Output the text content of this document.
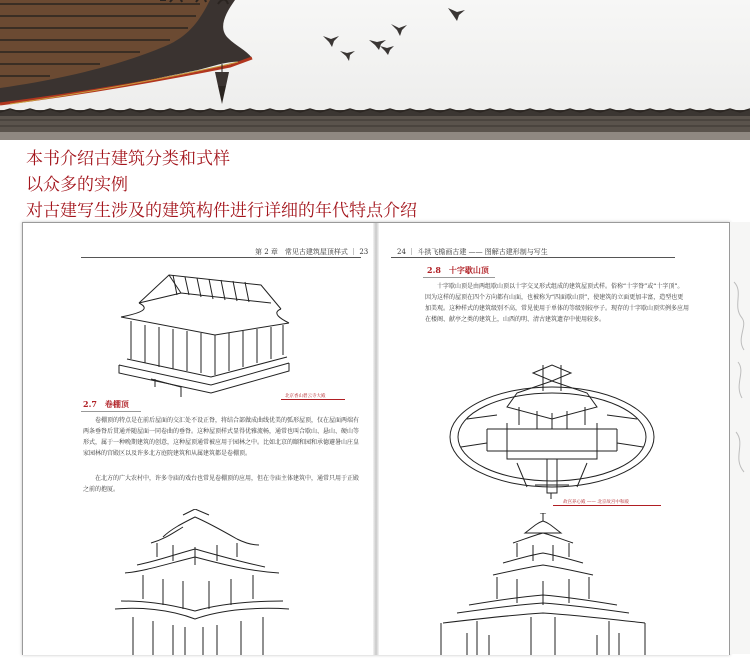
本书介绍古建筑分类和式样
以众多的实例
对古建写生涉及的建筑构件进行详细的年代特点介绍
第 2 章　常见古建筑屋顶样式 ｜ 23
北京香山碧云寺大殿
2.7　 卷棚顶

卷棚顶的特点是在前后屋面的交汇处不设正脊，将结合部做成曲线优美的弧形屋顶，仅在屋面两端有两条垂脊后贯通并随屋面一同卷曲的垂脊。这种屋顶样式显得优雅流畅，通常也叫合歇山、悬山、硬山等形式，属于一种晚期建筑的创意，这种屋顶通常被应用于园林之中。比如北京的颐和园和承德避暑山庄皇家园林的宫殿区以及许多北方庭院建筑和从属建筑都是卷棚顶。

在北方的广大农村中，许多寺庙的戏台也常见卷棚顶的应用，但在寺庙主体建筑中，通常只用于正殿之前的抱厦。

24 ｜ 斗拱飞檐画古建 —— 图解古建形制与写生
2.8　 十字歇山顶

十字歇山顶是由两组歇山顶以十字交叉形式组成的建筑屋顶式样。俗称“十字脊”或“十字顶”。因为这样的屋顶在四个方向都有山面，也被称为“四面歇山顶”，使建筑的立面更加丰富，造型也更加美观。这种样式的建筑级别不高，常见使用于单体的等级别较亭子。现存的十字歇山顶实例多应用在楼阁、献亭之类的建筑上，山西的明、清古建筑遗存中使用较多。

故宫养心殿 —— 北京故宫中和殿
